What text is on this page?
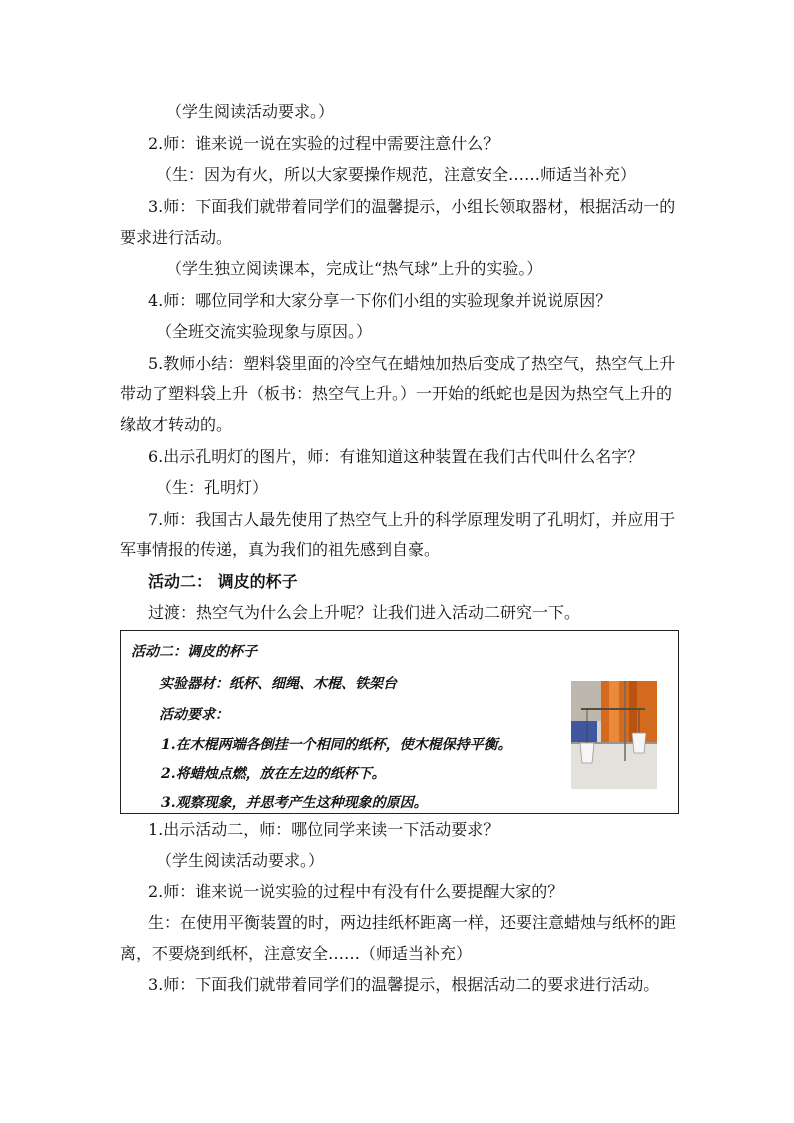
（学生阅读活动要求。）
2.师：谁来说一说在实验的过程中需要注意什么？
（生：因为有火，所以大家要操作规范，注意安全……师适当补充）
3.师：下面我们就带着同学们的温馨提示，小组长领取器材，根据活动一的
要求进行活动。
（学生独立阅读课本，完成让“热气球”上升的实验。）
4.师：哪位同学和大家分享一下你们小组的实验现象并说说原因？
（全班交流实验现象与原因。）
5.教师小结：塑料袋里面的冷空气在蜡烛加热后变成了热空气，热空气上升
带动了塑料袋上升（板书：热空气上升。）一开始的纸蛇也是因为热空气上升的
缘故才转动的。
6.出示孔明灯的图片，师：有谁知道这种装置在我们古代叫什么名字？
（生：孔明灯）
7.师：我国古人最先使用了热空气上升的科学原理发明了孔明灯，并应用于
军事情报的传递，真为我们的祖先感到自豪。
活动二： 调皮的杯子
过渡：热空气为什么会上升呢？让我们进入活动二研究一下。
活动二：调皮的杯子
实验器材：纸杯、细绳、木棍、铁架台
活动要求：
1.在木棍两端各倒挂一个相同的纸杯，使木棍保持平衡。
2.将蜡烛点燃，放在左边的纸杯下。
3.观察现象，并思考产生这种现象的原因。
1.出示活动二，师：哪位同学来读一下活动要求？
（学生阅读活动要求。）
2.师：谁来说一说实验的过程中有没有什么要提醒大家的？
生：在使用平衡装置的时，两边挂纸杯距离一样，还要注意蜡烛与纸杯的距
离，不要烧到纸杯，注意安全……（师适当补充）
3.师：下面我们就带着同学们的温馨提示，根据活动二的要求进行活动。
